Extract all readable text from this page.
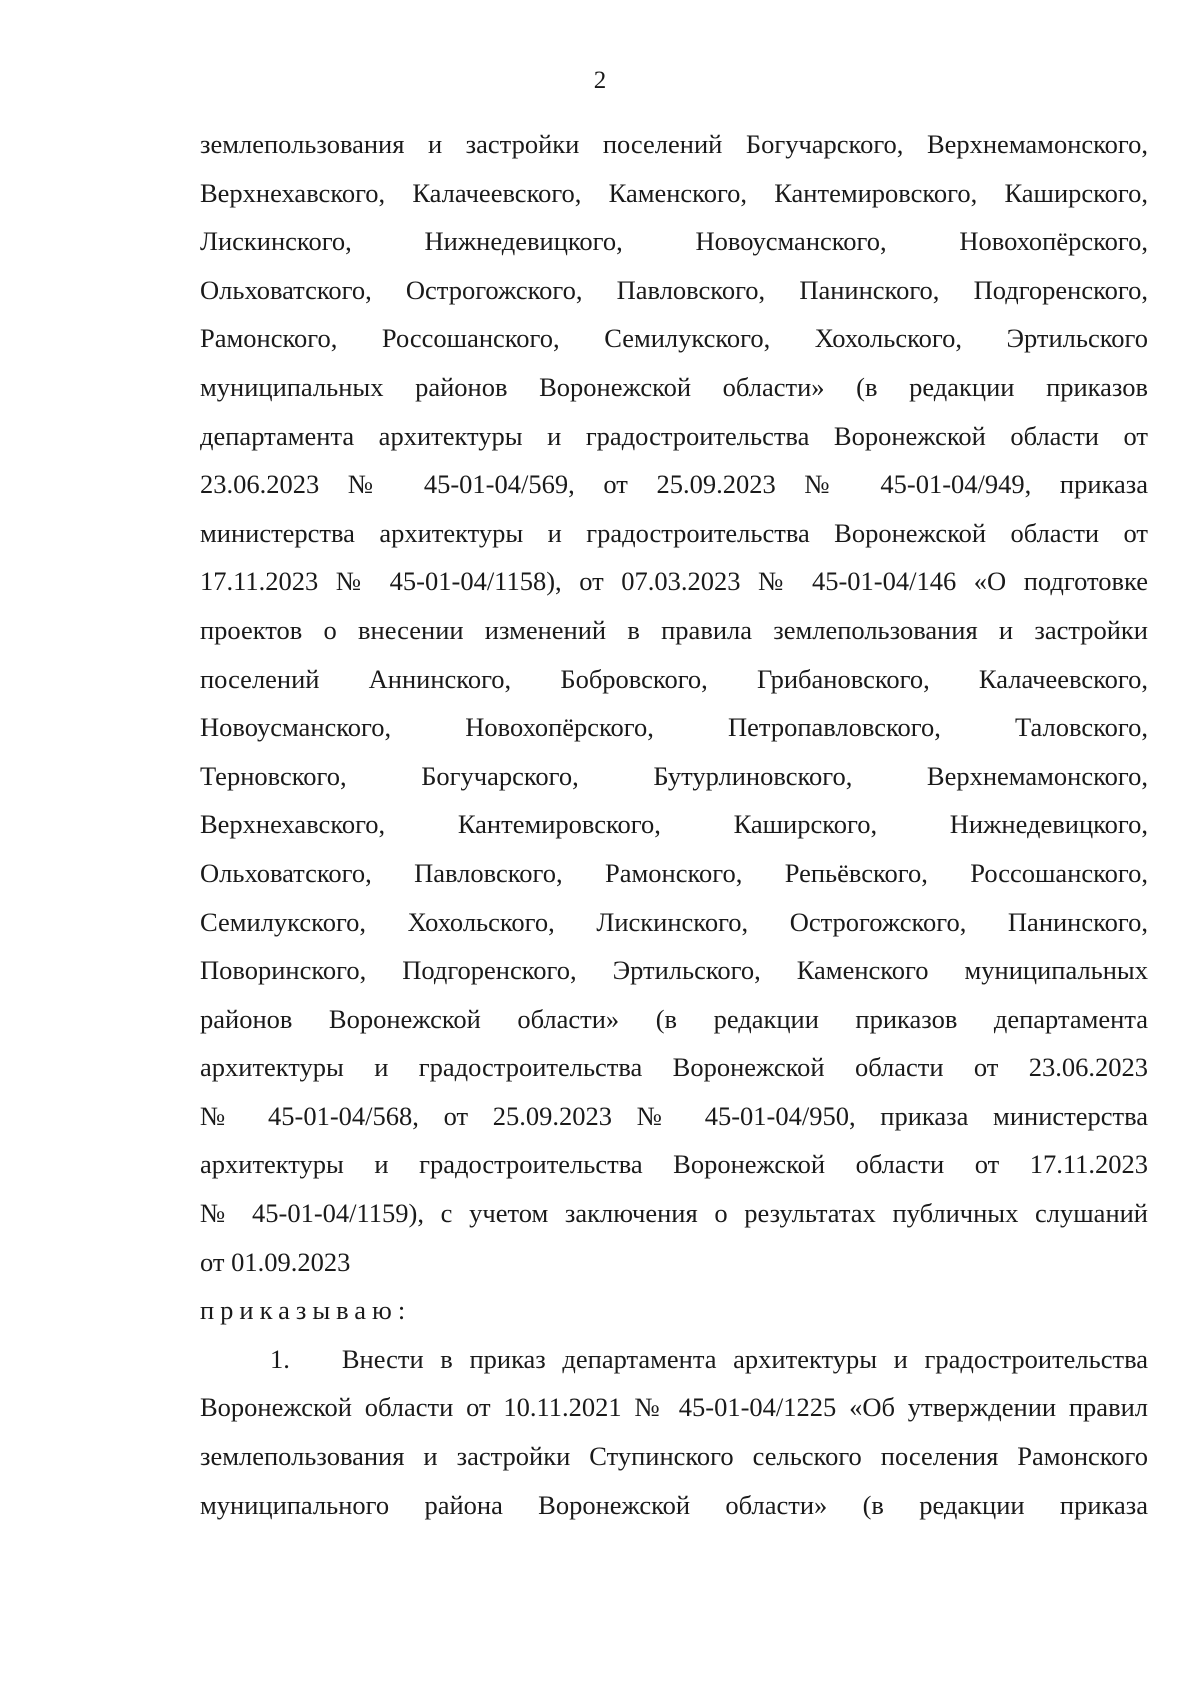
2
землепользования и застройки поселений Богучарского, Верхнемамонского,
Верхнехавского, Калачеевского, Каменского, Кантемировского, Каширского,
Лискинского, Нижнедевицкого, Новоусманского, Новохопёрского,
Ольховатского, Острогожского, Павловского, Панинского, Подгоренского,
Рамонского, Россошанского, Семилукского, Хохольского, Эртильского
муниципальных районов Воронежской области» (в редакции приказов
департамента архитектуры и градостроительства Воронежской области от
23.06.2023 № 45-01-04/569, от 25.09.2023 № 45-01-04/949, приказа
министерства архитектуры и градостроительства Воронежской области от
17.11.2023 № 45-01-04/1158), от 07.03.2023 № 45-01-04/146 «О подготовке
проектов о внесении изменений в правила землепользования и застройки
поселений Аннинского, Бобровского, Грибановского, Калачеевского,
Новоусманского, Новохопёрского, Петропавловского, Таловского,
Терновского, Богучарского, Бутурлиновского, Верхнемамонского,
Верхнехавского, Кантемировского, Каширского, Нижнедевицкого,
Ольховатского, Павловского, Рамонского, Репьёвского, Россошанского,
Семилукского, Хохольского, Лискинского, Острогожского, Панинского,
Поворинского, Подгоренского, Эртильского, Каменского муниципальных
районов Воронежской области» (в редакции приказов департамента
архитектуры и градостроительства Воронежской области от 23.06.2023
№ 45-01-04/568, от 25.09.2023 № 45-01-04/950, приказа министерства
архитектуры и градостроительства Воронежской области от 17.11.2023
№ 45-01-04/1159), с учетом заключения о результатах публичных слушаний
от 01.09.2023
приказываю:
1. Внести в приказ департамента архитектуры и градостроительства
Воронежской области от 10.11.2021 № 45-01-04/1225 «Об утверждении правил
землепользования и застройки Ступинского сельского поселения Рамонского
муниципального района Воронежской области» (в редакции приказа
